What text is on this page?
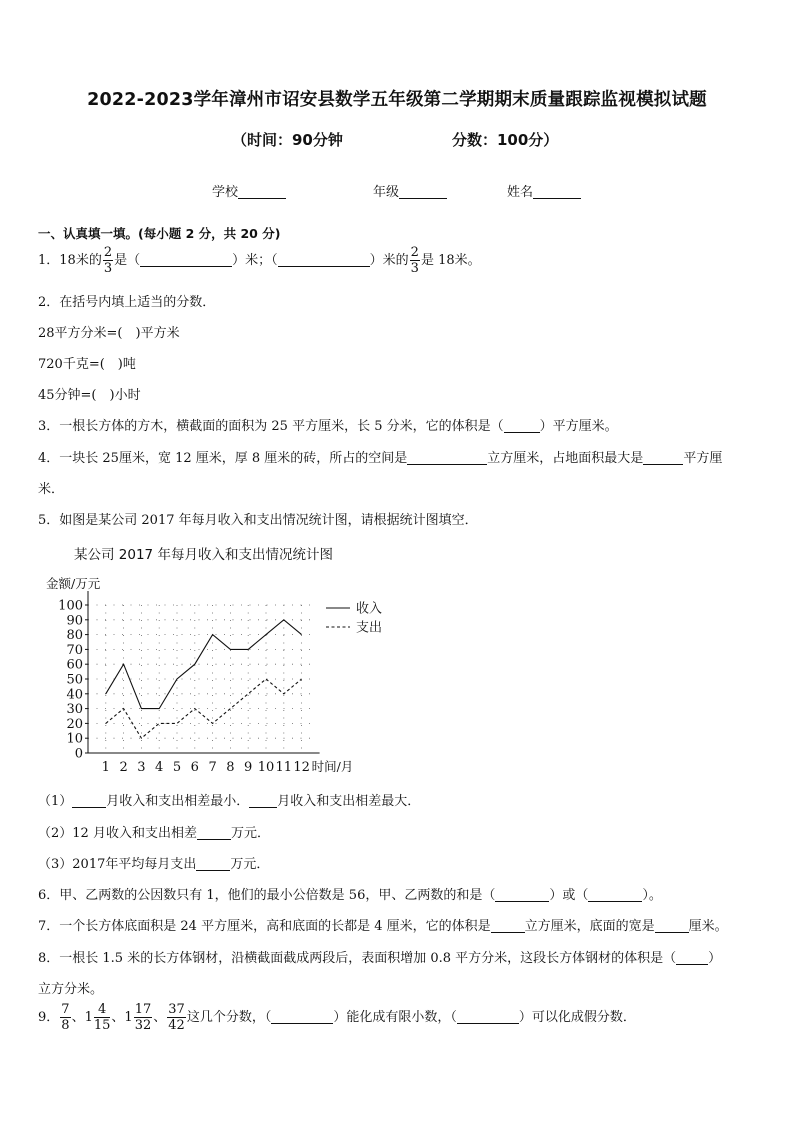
2022-2023学年漳州市诏安县数学五年级第二学期期末质量跟踪监视模拟试题
（时间：90分钟	分数：100分）
学校	年级	姓名
一、认真填一填。(每小题 2 分，共 20 分)
1．18米的 $\frac{2}{3}$ 是（	）米；（	）米的 $\frac{2}{3}$ 是 18米。
2．在括号内填上适当的分数．
28平方分米=(　)平方米
720千克=(　)吨
45分钟=(　)小时
3．一根长方体的方木，横截面的面积为 25 平方厘米，长 5 分米，它的体积是（	）平方厘米。
4．一块长 25厘米，宽 12 厘米，厚 8 厘米的砖，所占的空间是	立方厘米，占地面积最大是	平方厘
米．
5．如图是某公司 2017 年每月收入和支出情况统计图，请根据统计图填空．
某公司 2017 年每月收入和支出情况统计图
0
10
20
30
40
50
60
70
80
90
100
1 2 3 4 5 6 7 8 9 10 11 12
金额/万元
时间/月
收入
支出
（1）	月收入和支出相差最小． 月收入和支出相差最大．
（2）12 月收入和支出相差	万元．
（3）2017年平均每月支出	万元．
6．甲、乙两数的公因数只有 1，他们的最小公倍数是 56，甲、乙两数的和是（	）或（	）。
7．一个长方体底面积是 24 平方厘米，高和底面的长都是 4 厘米，它的体积是	立方厘米，底面的宽是	厘米。
8．一根长 1.5 米的长方体钢材，沿横截面截成两段后，表面积增加 0.8 平方分米，这段长方体钢材的体积是（ ）
立方分米。
9． $\frac{7}{8}$ 、$1 \frac{4}{15}$ 、$1 \frac{17}{32}$ 、 $\frac{37}{42}$ 这几个分数，（	）能化成有限小数，（	）可以化成假分数．
